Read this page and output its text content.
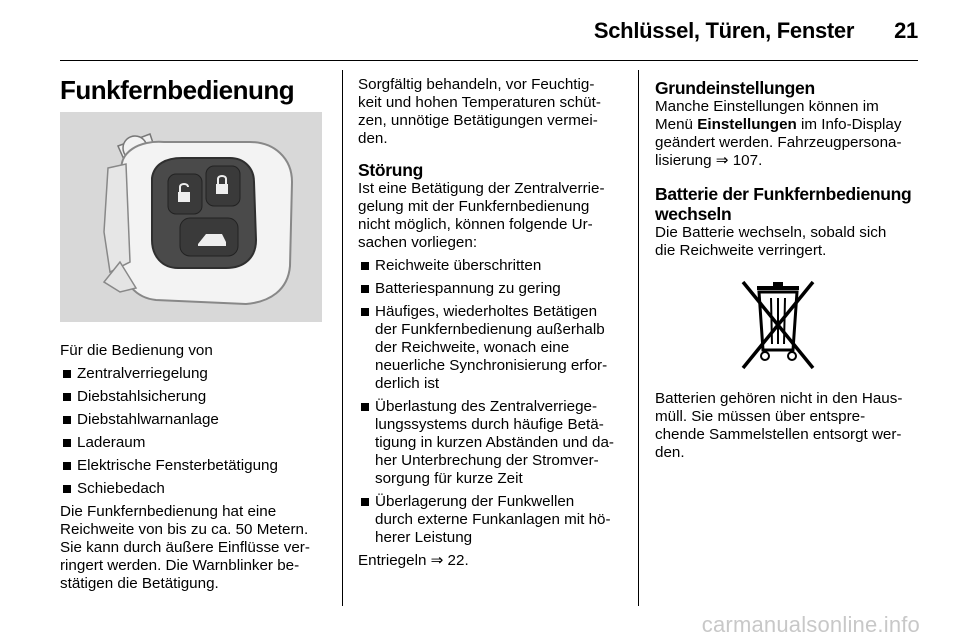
Schlüssel, Türen, Fenster 21
Funkfernbedienung

Für die Bedienung von

Zentralverriegelung
Diebstahlsicherung
Diebstahlwarnanlage
Laderaum
Elektrische Fensterbetätigung
Schiebedach

Die Funkfernbedienung hat eine
Reichweite von bis zu ca. 50 Metern.
Sie kann durch äußere Einflüsse ver-
ringert werden. Die Warnblinker be-
stätigen die Betätigung.

Sorgfältig behandeln, vor Feuchtig-
keit und hohen Temperaturen schüt-
zen, unnötige Betätigungen vermei-
den.

Störung

Ist eine Betätigung der Zentralverrie-
gelung mit der Funkfernbedienung
nicht möglich, können folgende Ur-
sachen vorliegen:

Reichweite überschritten
Batteriespannung zu gering
Häufiges, wiederholtes Betätigen
der Funkfernbedienung außerhalb
der Reichweite, wonach eine
neuerliche Synchronisierung erfor-
derlich ist
Überlastung des Zentralverriege-
lungssystems durch häufige Betä-
tigung in kurzen Abständen und da-
her Unterbrechung der Stromver-
sorgung für kurze Zeit
Überlagerung der Funkwellen
durch externe Funkanlagen mit hö-
herer Leistung

Entriegeln ⇒ 22.

Grundeinstellungen

Manche Einstellungen können im
Menü Einstellungen im Info-Display
geändert werden. Fahrzeugpersona-
lisierung ⇒ 107.

Batterie der Funkfernbedienung
wechseln

Die Batterie wechseln, sobald sich
die Reichweite verringert.

Batterien gehören nicht in den Haus-
müll. Sie müssen über entspre-
chende Sammelstellen entsorgt wer-
den.

carmanualsonline.info
